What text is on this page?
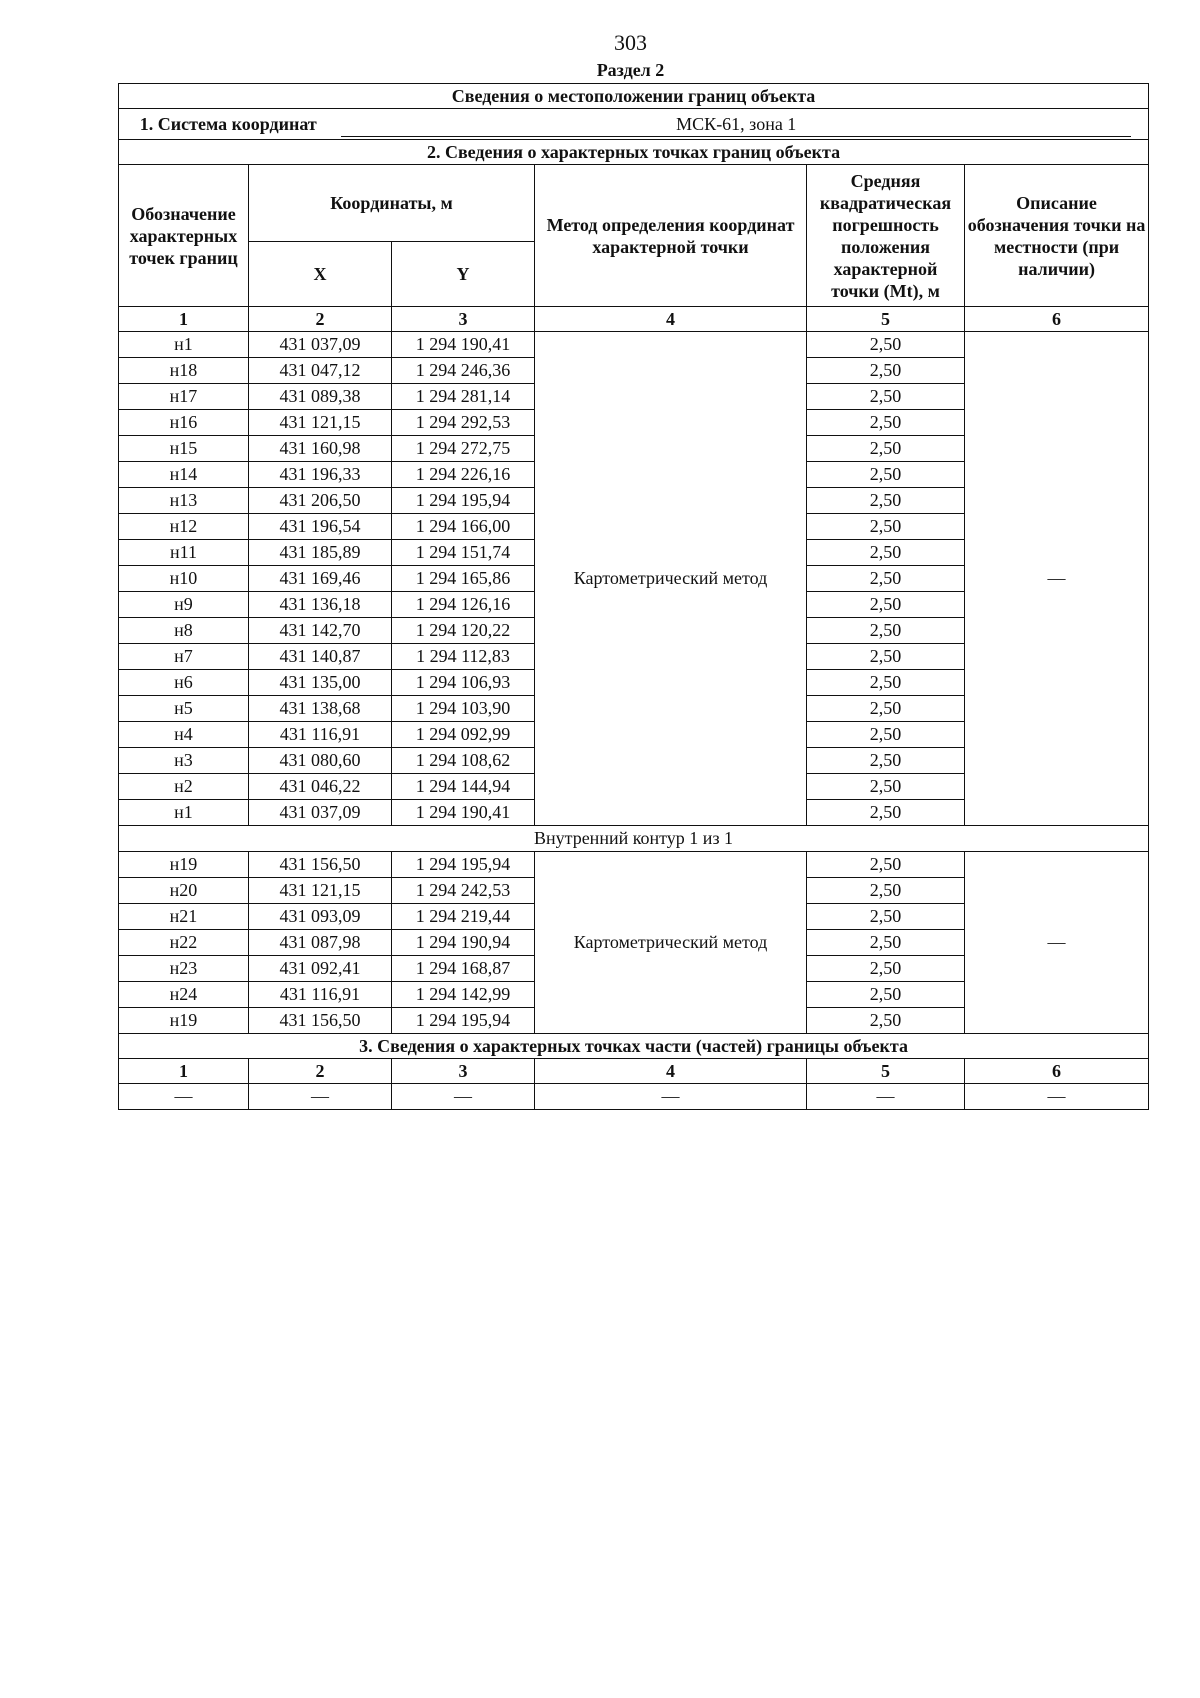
303
Раздел 2
Сведения о местоположении границ объекта					
1. Система координат МСК-61, зона 1					
2. Сведения о характерных точках границ объекта					
Обозначение характерных точек границ	Координаты, м		Метод определения координат характерной точки	Средняя квадратическая погрешность положения характерной точки (Mt), м	Описание обозначения точки на местности (при наличии)
	X	Y			
1	2	3	4	5	6
н1	431 037,09	1 294 190,41	Картометрический метод	2,50	—
н18	431 047,12	1 294 246,36		2,50	
н17	431 089,38	1 294 281,14		2,50	
н16	431 121,15	1 294 292,53		2,50	
н15	431 160,98	1 294 272,75		2,50	
н14	431 196,33	1 294 226,16		2,50	
н13	431 206,50	1 294 195,94		2,50	
н12	431 196,54	1 294 166,00		2,50	
н11	431 185,89	1 294 151,74		2,50	
н10	431 169,46	1 294 165,86		2,50	
н9	431 136,18	1 294 126,16		2,50	
н8	431 142,70	1 294 120,22		2,50	
н7	431 140,87	1 294 112,83		2,50	
н6	431 135,00	1 294 106,93		2,50	
н5	431 138,68	1 294 103,90		2,50	
н4	431 116,91	1 294 092,99		2,50	
н3	431 080,60	1 294 108,62		2,50	
н2	431 046,22	1 294 144,94		2,50	
н1	431 037,09	1 294 190,41		2,50	
Внутренний контур 1 из 1					
н19	431 156,50	1 294 195,94	Картометрический метод	2,50	—
н20	431 121,15	1 294 242,53		2,50	
н21	431 093,09	1 294 219,44		2,50	
н22	431 087,98	1 294 190,94		2,50	
н23	431 092,41	1 294 168,87		2,50	
н24	431 116,91	1 294 142,99		2,50	
н19	431 156,50	1 294 195,94		2,50	
3. Сведения о характерных точках части (частей) границы объекта					
1	2	3	4	5	6
—	—	—	—	—	—
